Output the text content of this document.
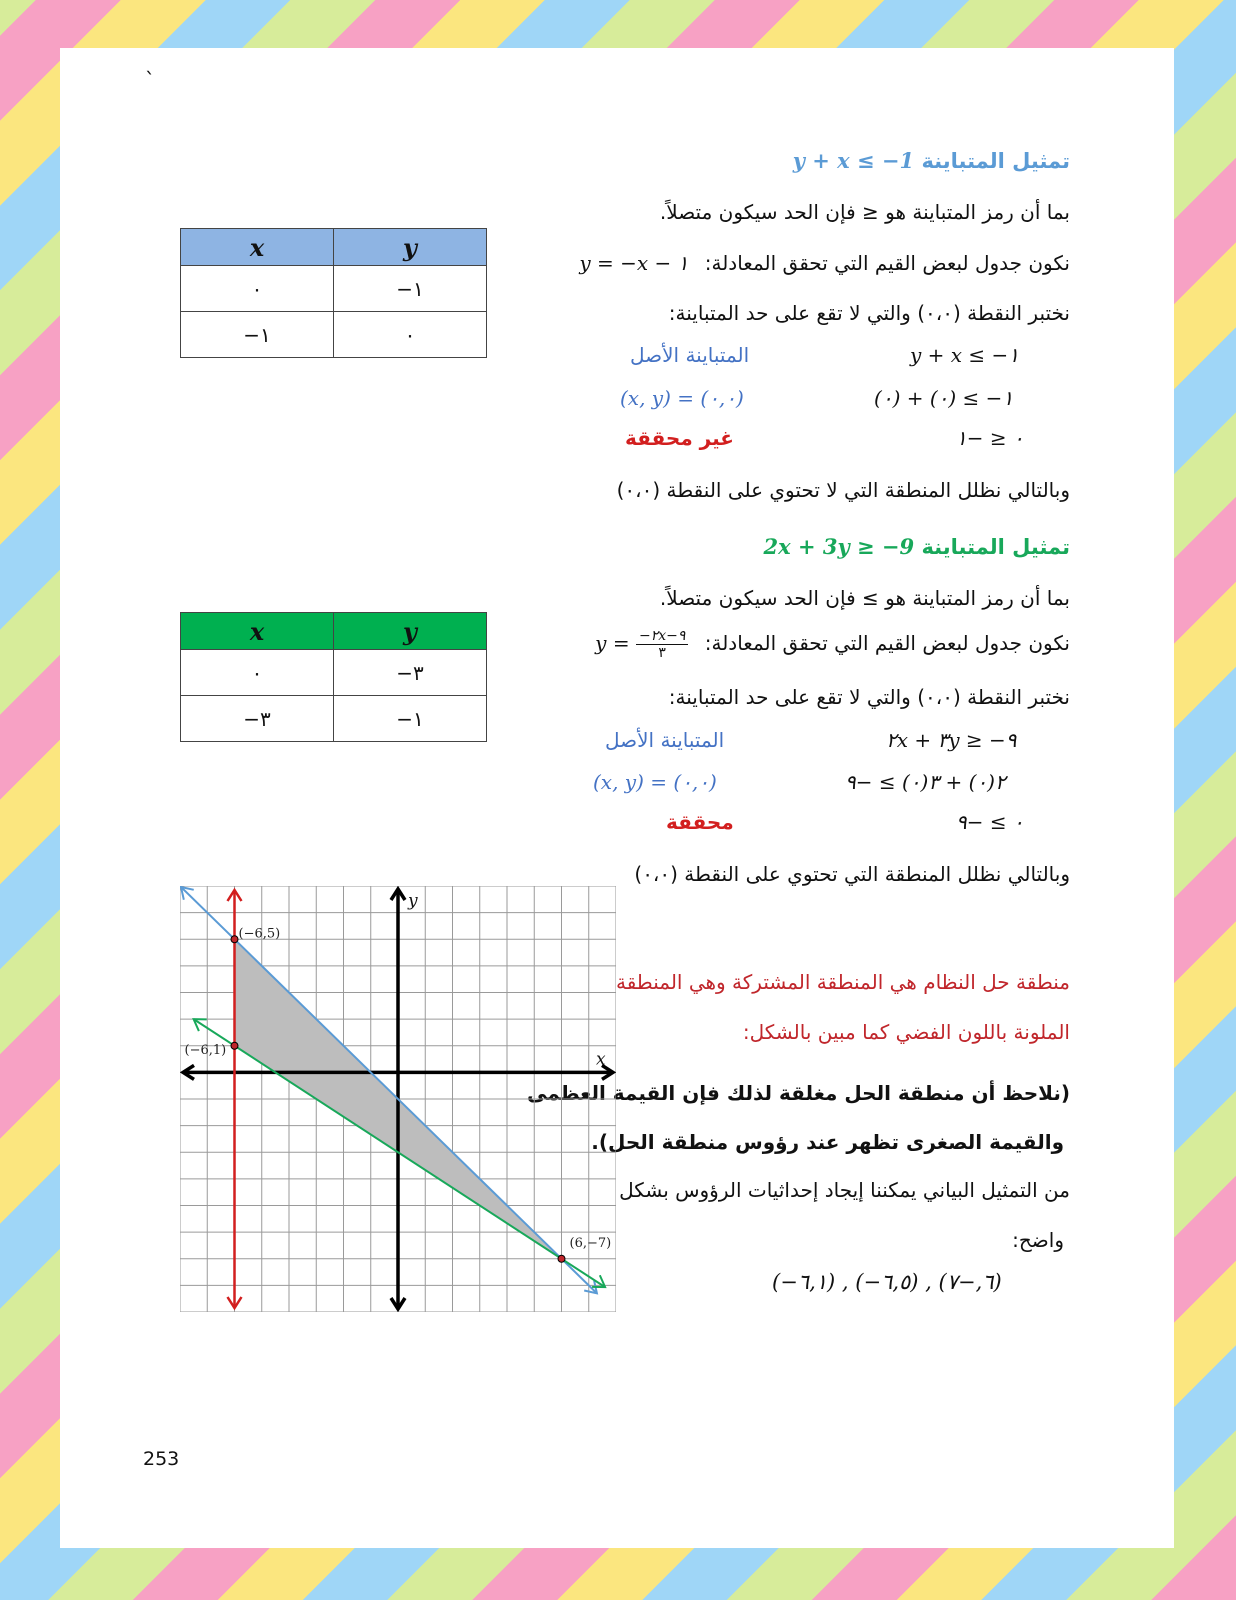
`
تمثيل المتباينة y + x ≤ −1
بما أن رمز المتباينة هو ≤ فإن الحد سيكون متصلاً.
نكون جدول لبعض القيم التي تحقق المعادلة: y = −x − ١
نختبر النقطة (٠،٠) والتي لا تقع على حد المتباينة:
y + x ≤ −١
المتباينة الأصل
(٠) + (٠) ≤ −١
(x, y) = (٠,٠)
٠ ≤ −١
غير محققة
وبالتالي نظلل المنطقة التي لا تحتوي على النقطة (٠،٠)
x	y
٠	−١
−١	٠
تمثيل المتباينة 2x + 3y ≥ −9
بما أن رمز المتباينة هو ≥ فإن الحد سيكون متصلاً.
نكون جدول لبعض القيم التي تحقق المعادلة: $y = \frac{-٢x-٩}{٣}$
نختبر النقطة (٠،٠) والتي لا تقع على حد المتباينة:
٢x + ٣y ≥ −٩
المتباينة الأصل
٢(٠) + ٣(٠) ≥ −٩
(x, y) = (٠,٠)
٠ ≥ −٩
محققة
وبالتالي نظلل المنطقة التي تحتوي على النقطة (٠،٠)
x	y
٠	−٣
−٣	−١
منطقة حل النظام هي المنطقة المشتركة وهي المنطقة
الملونة باللون الفضي كما مبين بالشكل:
(نلاحظ أن منطقة الحل مغلقة لذلك فإن القيمة العظمى
والقيمة الصغرى تظهر عند رؤوس منطقة الحل).
من التمثيل البياني يمكننا إيجاد إحداثيات الرؤوس بشكل
واضح:
(−٦,١) , (−٦,٥) , (٦,−٧)
(−6,5)
(−6,1)
(6,−7)
x
y
253
